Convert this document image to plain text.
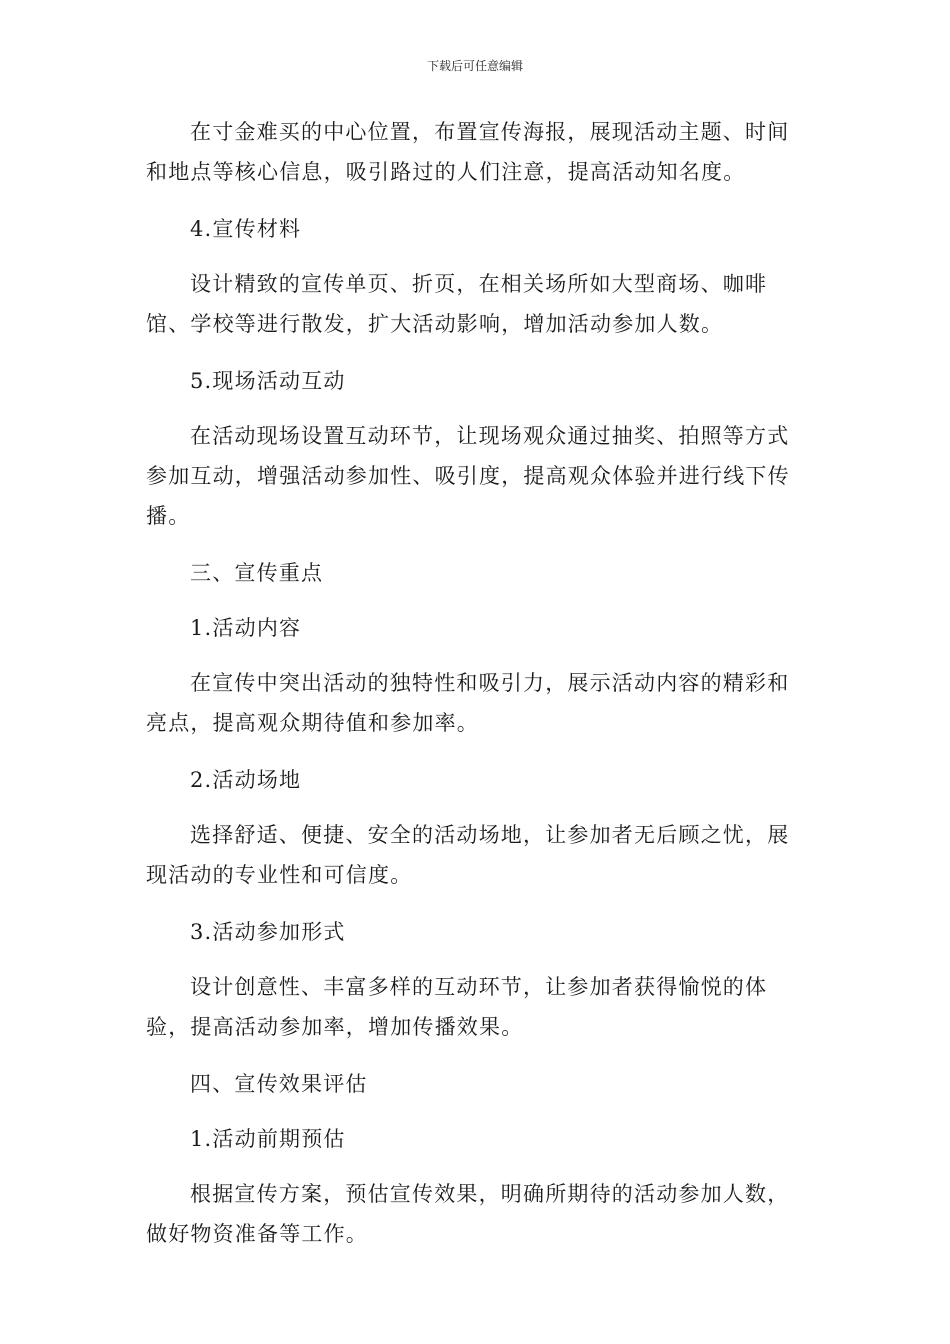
下载后可任意编辑

在寸金难买的中心位置，布置宣传海报，展现活动主题、时间和地点等核心信息，吸引路过的人们注意，提高活动知名度。

4.宣传材料

设计精致的宣传单页、折页，在相关场所如大型商场、咖啡馆、学校等进行散发，扩大活动影响，增加活动参加人数。

5.现场活动互动

在活动现场设置互动环节，让现场观众通过抽奖、拍照等方式参加互动，增强活动参加性、吸引度，提高观众体验并进行线下传播。

三、宣传重点

1.活动内容

在宣传中突出活动的独特性和吸引力，展示活动内容的精彩和亮点，提高观众期待值和参加率。

2.活动场地

选择舒适、便捷、安全的活动场地，让参加者无后顾之忧，展现活动的专业性和可信度。

3.活动参加形式

设计创意性、丰富多样的互动环节，让参加者获得愉悦的体验，提高活动参加率，增加传播效果。

四、宣传效果评估

1.活动前期预估

根据宣传方案，预估宣传效果，明确所期待的活动参加人数，做好物资准备等工作。
